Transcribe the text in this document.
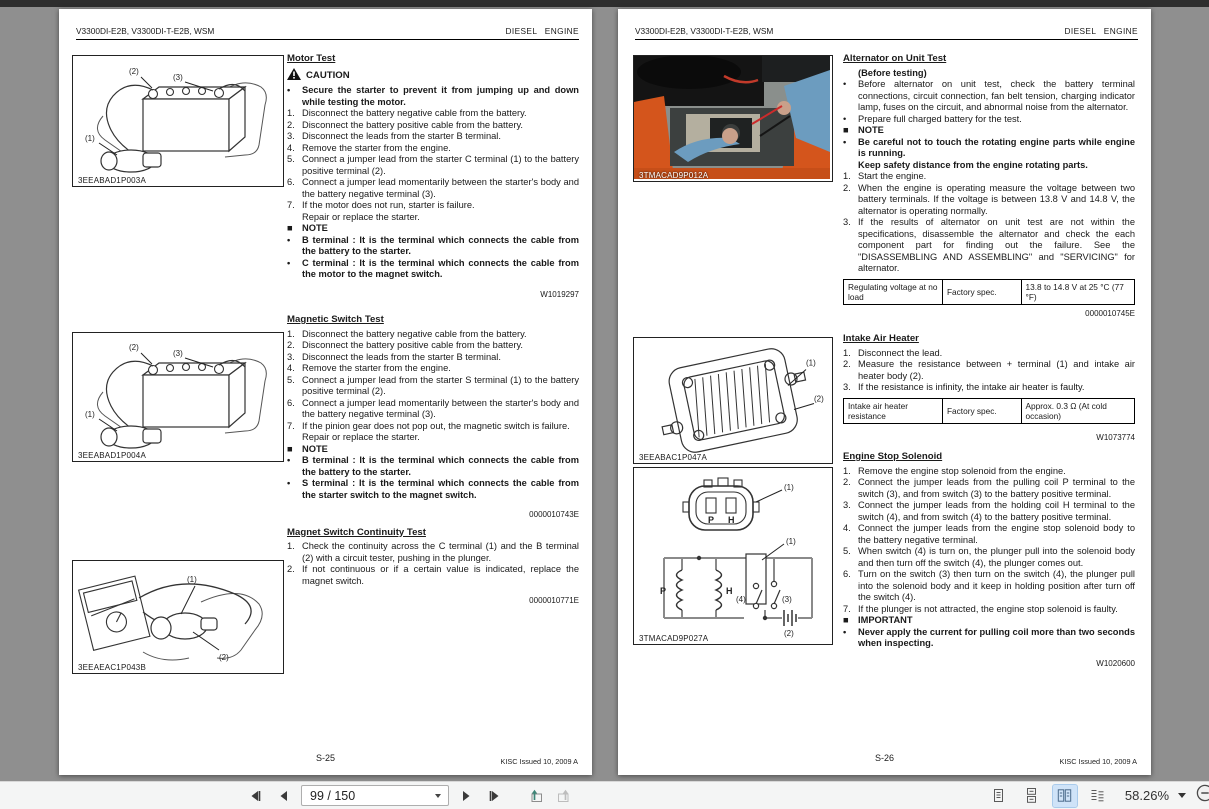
V3300DI-E2B, V3300DI-T-E2B, WSM	DIESEL ENGINE
(2)
(3)
(1)
3EEABAD1P003A
(2)
(3)
(1)
3EEABAD1P004A
(1)
(2)
3EEAEAC1P043B
Motor Test
CAUTION
•	Secure the starter to prevent it from jumping up and down while testing the motor.
1. Disconnect the battery negative cable from the battery.
2. Disconnect the battery positive cable from the battery.
3. Disconnect the leads from the starter B terminal.
4. Remove the starter from the engine.
5. Connect a jumper lead from the starter C terminal (1) to the battery positive terminal (2).
6. Connect a jumper lead momentarily between the starter's body and the battery negative terminal (3).
7. If the motor does not run, starter is failure.
Repair or replace the starter.
■	NOTE
•	B terminal : It is the terminal which connects the cable from the battery to the starter.
•	C terminal : It is the terminal which connects the cable from the motor to the magnet switch.
W1019297
Magnetic Switch Test
1. Disconnect the battery negative cable from the battery.
2. Disconnect the battery positive cable from the battery.
3. Disconnect the leads from the starter B terminal.
4. Remove the starter from the engine.
5. Connect a jumper lead from the starter S terminal (1) to the battery positive terminal (2).
6. Connect a jumper lead momentarily between the starter's body and the battery negative terminal (3).
7. If the pinion gear does not pop out, the magnetic switch is failure.
Repair or replace the starter.
■	NOTE
•	B terminal : It is the terminal which connects the cable from the battery to the starter.
•	S terminal : It is the terminal which connects the cable from the starter switch to the magnet switch.
0000010743E
Magnet Switch Continuity Test
1. Check the continuity across the C terminal (1) and the B terminal (2) with a circuit tester, pushing in the plunger.
2. If not continuous or if a certain value is indicated, replace the magnet switch.
0000010771E
S-25	KISC Issued 10, 2009 A
V3300DI-E2B, V3300DI-T-E2B, WSM	DIESEL ENGINE
3TMACAD9P012A
(1)
(2)
3EEABAC1P047A
P H
(1)
P	H
(1)
(4)	(3)
(2)
3TMACAD9P027A
Alternator on Unit Test
(Before testing)
•	Before alternator on unit test, check the battery terminal connections, circuit connection, fan belt tension, charging indicator lamp, fuses on the circuit, and abnormal noise from the alternator.
•	Prepare full charged battery for the test.
■	NOTE
•	Be careful not to touch the rotating engine parts while engine is running.
Keep safety distance from the engine rotating parts.
1. Start the engine.
2. When the engine is operating measure the voltage between two battery terminals. If the voltage is between 13.8 V and 14.8 V, the alternator is operating normally.
3. If the results of alternator on unit test are not within the specifications, disassemble the alternator and check the each component part for finding out the failure. See the "DISASSEMBLING AND ASSEMBLING" and "SERVICING" for alternator.
Regulating voltage at no load	Factory spec.	13.8 to 14.8 V at 25 °C (77 °F)
0000010745E
Intake Air Heater
1. Disconnect the lead.
2. Measure the resistance between + terminal (1) and intake air heater body (2).
3. If the resistance is infinity, the intake air heater is faulty.
Intake air heater resistance	Factory spec.	Approx. 0.3 Ω (At cold occasion)
W1073774
Engine Stop Solenoid
1. Remove the engine stop solenoid from the engine.
2. Connect the jumper leads from the pulling coil P terminal to the switch (3), and from switch (3) to the battery positive terminal.
3. Connect the jumper leads from the holding coil H terminal to the switch (4), and from switch (4) to the battery positive terminal.
4. Connect the jumper leads from the engine stop solenoid body to the battery negative terminal.
5. When switch (4) is turn on, the plunger pull into the solenoid body and then turn off the switch (4), the plunger comes out.
6. Turn on the switch (3) then turn on the switch (4), the plunger pull into the solenoid body and it keep in holding position after turn off the switch (4).
7. If the plunger is not attracted, the engine stop solenoid is faulty.
■	IMPORTANT
•	Never apply the current for pulling coil more than two seconds when inspecting.
W1020600
S-26	KISC Issued 10, 2009 A
99 / 150	58.26%
